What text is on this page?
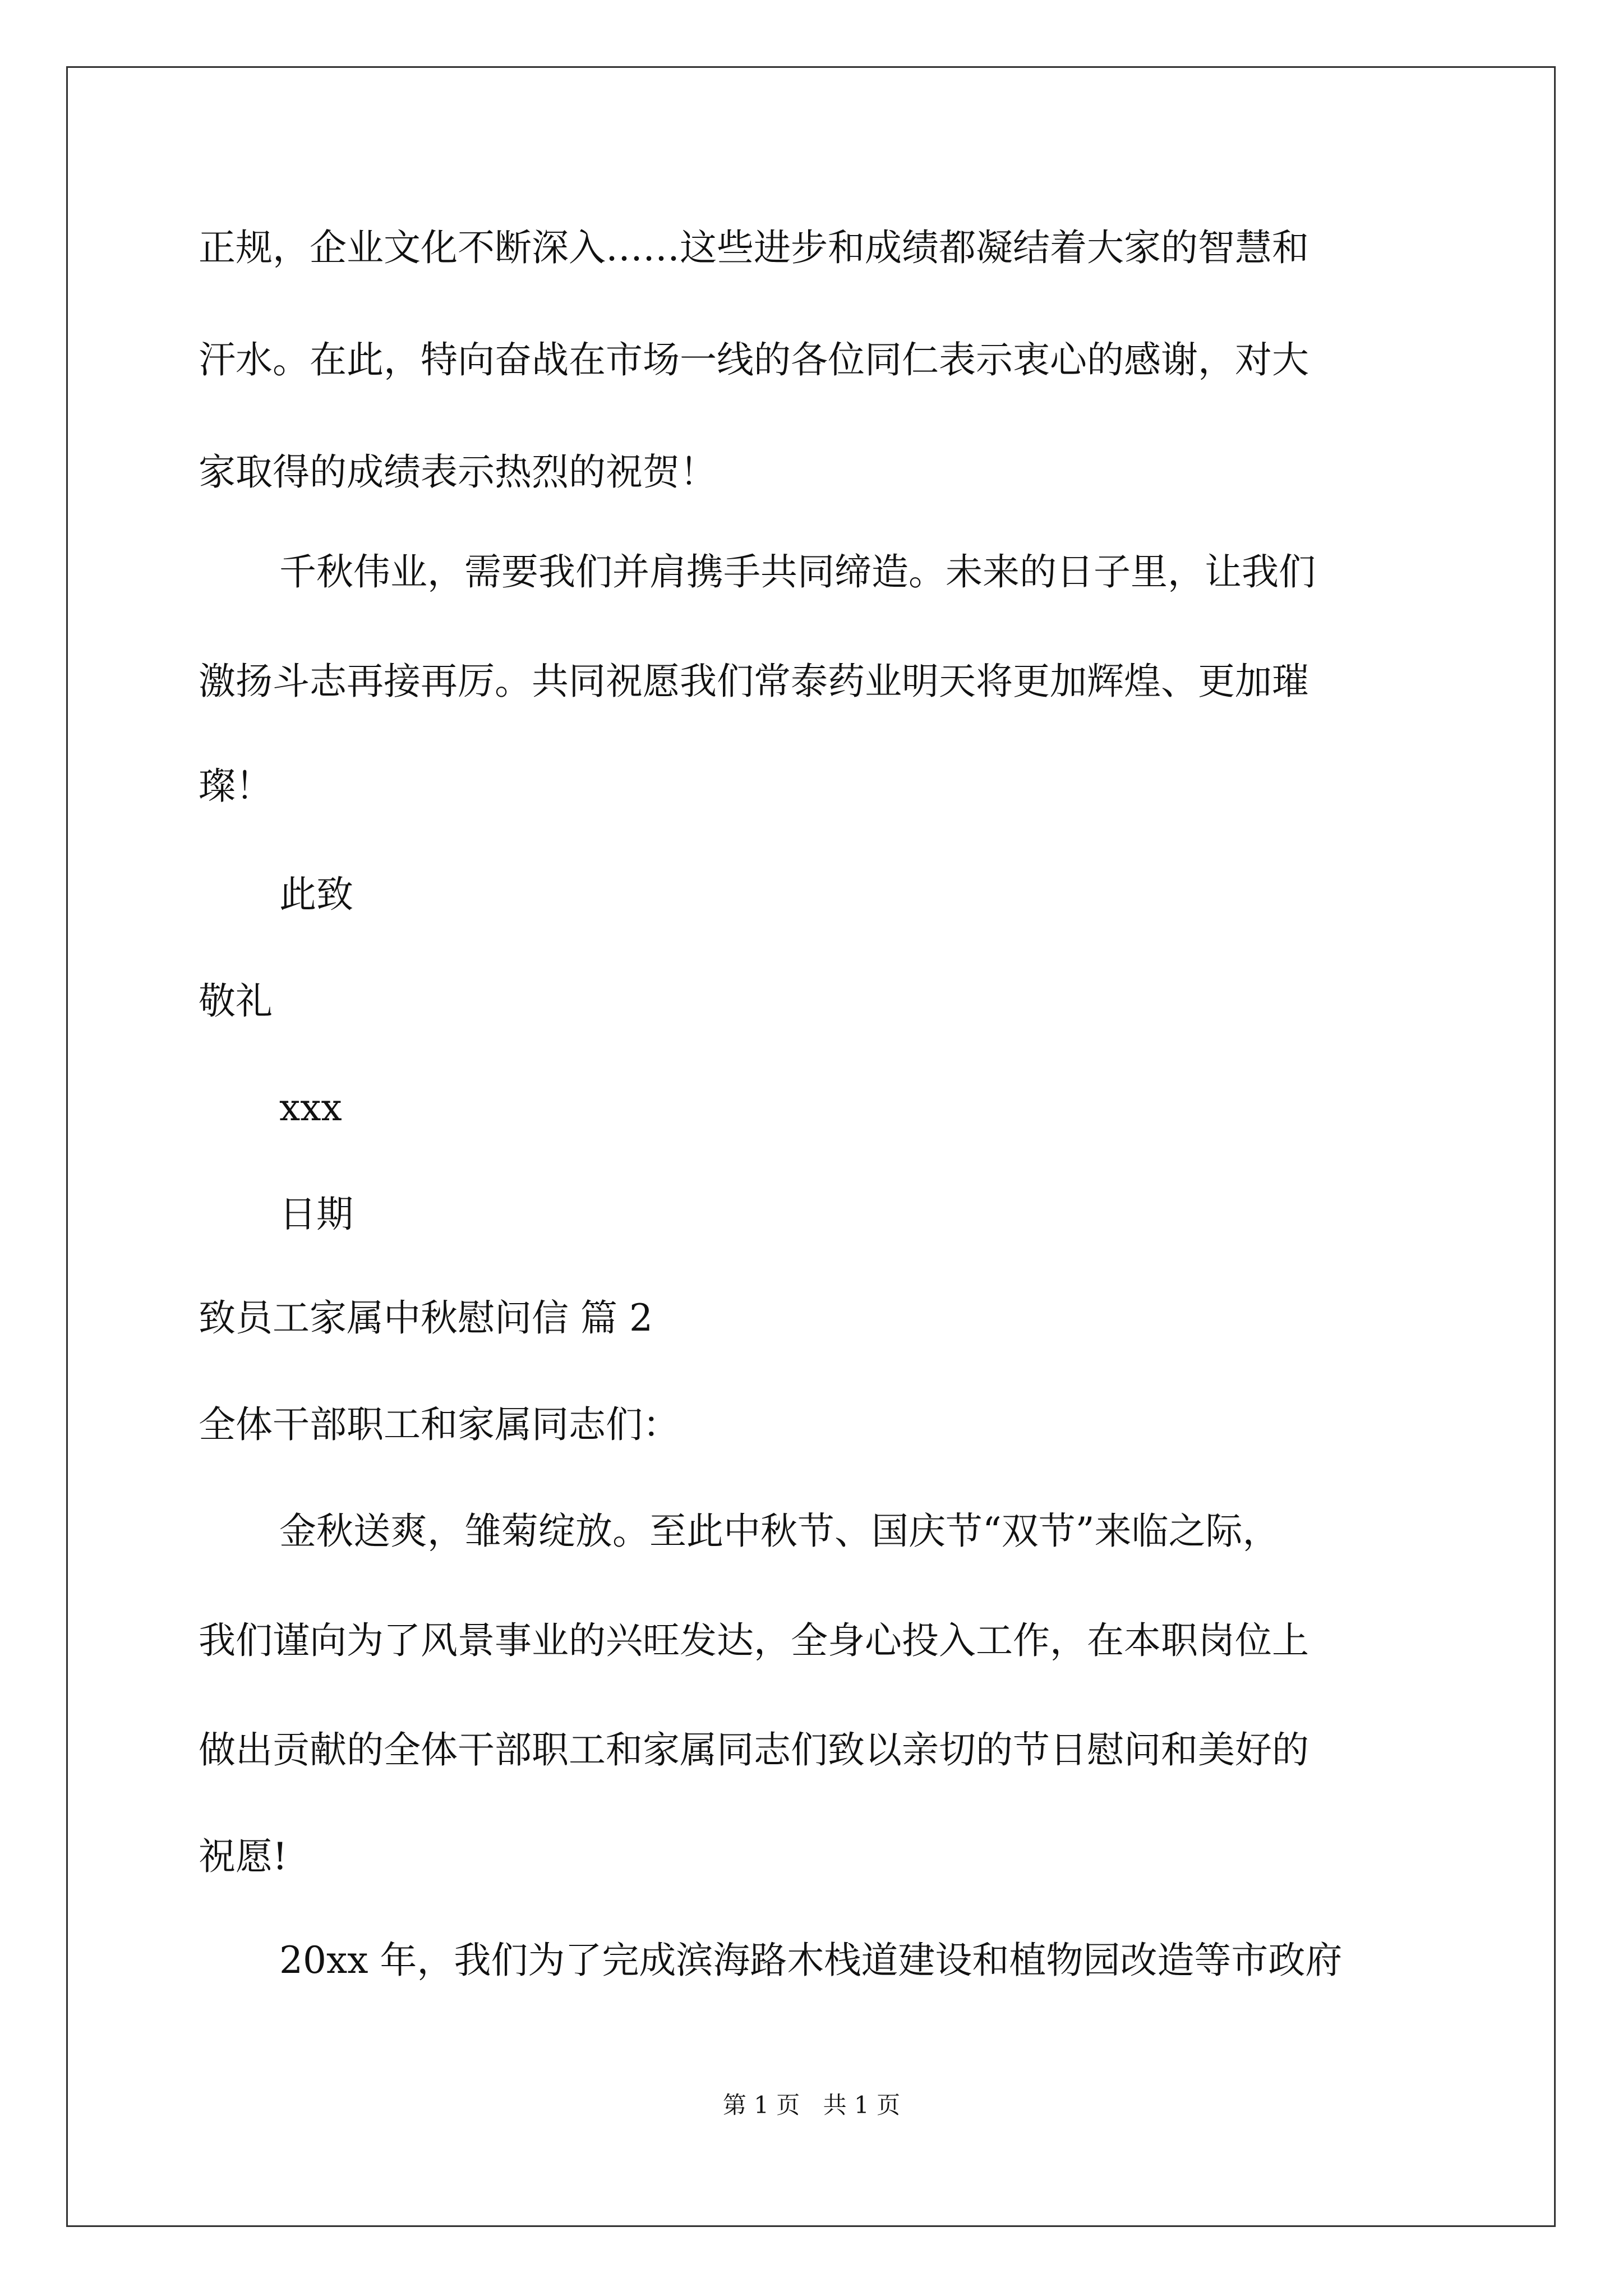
正规，企业文化不断深入……这些进步和成绩都凝结着大家的智慧和
汗水。在此，特向奋战在市场一线的各位同仁表示衷心的感谢，对大
家取得的成绩表示热烈的祝贺！
千秋伟业，需要我们并肩携手共同缔造。未来的日子里，让我们
激扬斗志再接再厉。共同祝愿我们常泰药业明天将更加辉煌、更加璀
璨！
此致
敬礼
xxx
日期
致员工家属中秋慰问信 篇 2
全体干部职工和家属同志们：
金秋送爽，雏菊绽放。至此中秋节、国庆节“双节”来临之际，
我们谨向为了风景事业的兴旺发达，全身心投入工作，在本职岗位上
做出贡献的全体干部职工和家属同志们致以亲切的节日慰问和美好的
祝愿!
20xx 年，我们为了完成滨海路木栈道建设和植物园改造等市政府
第 1 页 共 1 页
